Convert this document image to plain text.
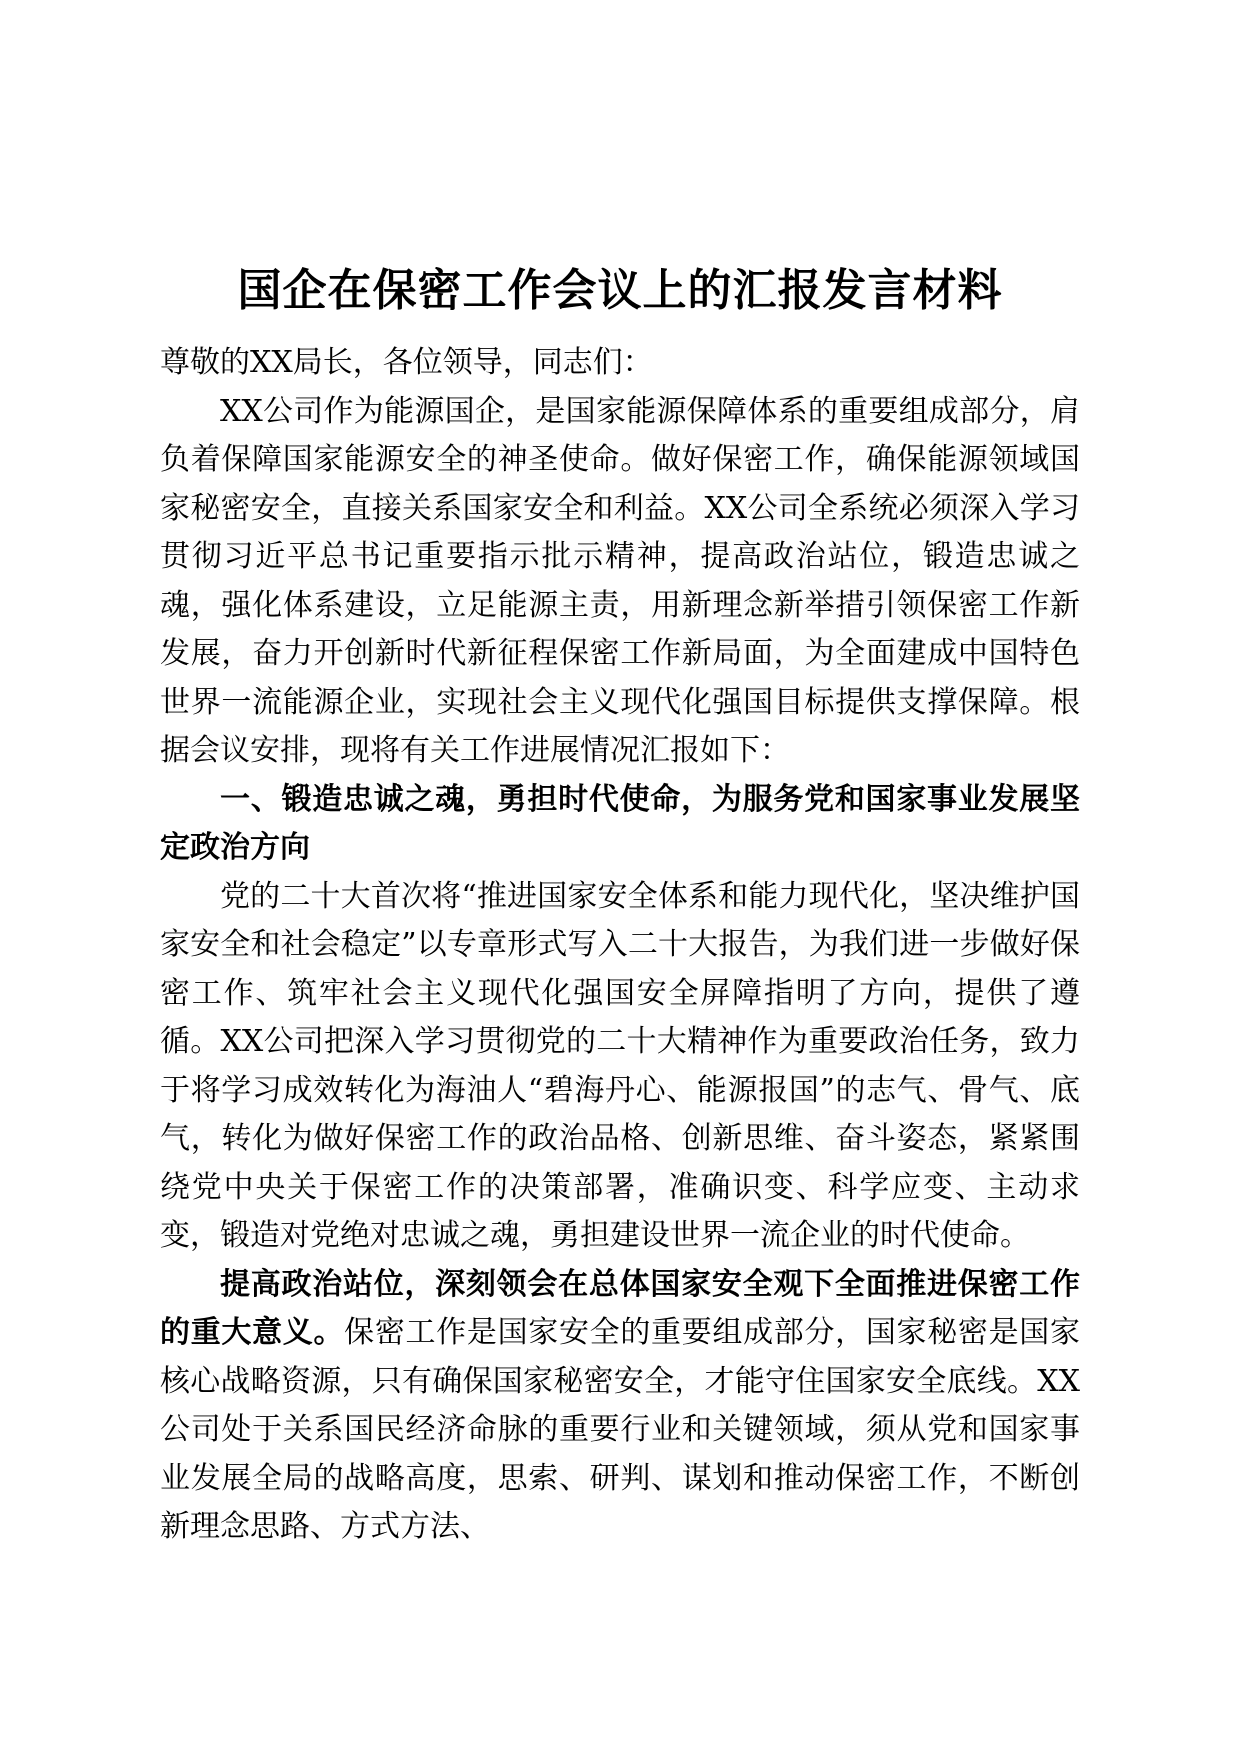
国企在保密工作会议上的汇报发言材料

尊敬的XX局长，各位领导，同志们：

XX公司作为能源国企，是国家能源保障体系的重要组成部分，肩负着保障国家能源安全的神圣使命。做好保密工作，确保能源领域国家秘密安全，直接关系国家安全和利益。XX公司全系统必须深入学习贯彻习近平总书记重要指示批示精神，提高政治站位，锻造忠诚之魂，强化体系建设，立足能源主责，用新理念新举措引领保密工作新发展，奋力开创新时代新征程保密工作新局面，为全面建成中国特色世界一流能源企业，实现社会主义现代化强国目标提供支撑保障。根据会议安排，现将有关工作进展情况汇报如下：

一、锻造忠诚之魂，勇担时代使命，为服务党和国家事业发展坚定政治方向

党的二十大首次将“推进国家安全体系和能力现代化，坚决维护国家安全和社会稳定”以专章形式写入二十大报告，为我们进一步做好保密工作、筑牢社会主义现代化强国安全屏障指明了方向，提供了遵循。XX公司把深入学习贯彻党的二十大精神作为重要政治任务，致力于将学习成效转化为海油人“碧海丹心、能源报国”的志气、骨气、底气，转化为做好保密工作的政治品格、创新思维、奋斗姿态，紧紧围绕党中央关于保密工作的决策部署，准确识变、科学应变、主动求变，锻造对党绝对忠诚之魂，勇担建设世界一流企业的时代使命。

提高政治站位，深刻领会在总体国家安全观下全面推进保密工作的重大意义。保密工作是国家安全的重要组成部分，国家秘密是国家核心战略资源，只有确保国家秘密安全，才能守住国家安全底线。XX公司处于关系国民经济命脉的重要行业和关键领域，须从党和国家事业发展全局的战略高度，思索、研判、谋划和推动保密工作，不断创新理念思路、方式方法、
